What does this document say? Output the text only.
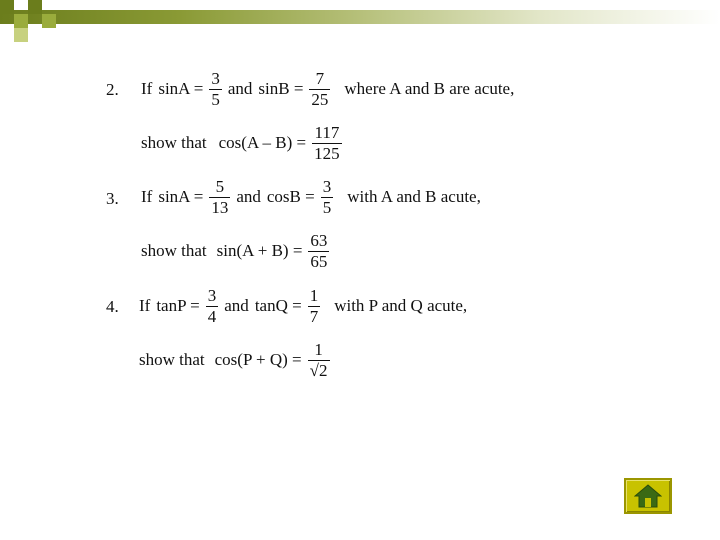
2. If $\sin A = \frac{3}{5}$ and $\sin B = \frac{7}{25}$ where A and B are acute,
show that $\cos(A - B) = \frac{117}{125}$
3. If $\sin A = \frac{5}{13}$ and $\cos B = \frac{3}{5}$ with A and B acute,
show that $\sin(A + B) = \frac{63}{65}$
4. If $\tan P = \frac{3}{4}$ and $\tan Q = \frac{1}{7}$ with P and Q acute,
show that $\cos(P + Q) = \frac{1}{√2}$
